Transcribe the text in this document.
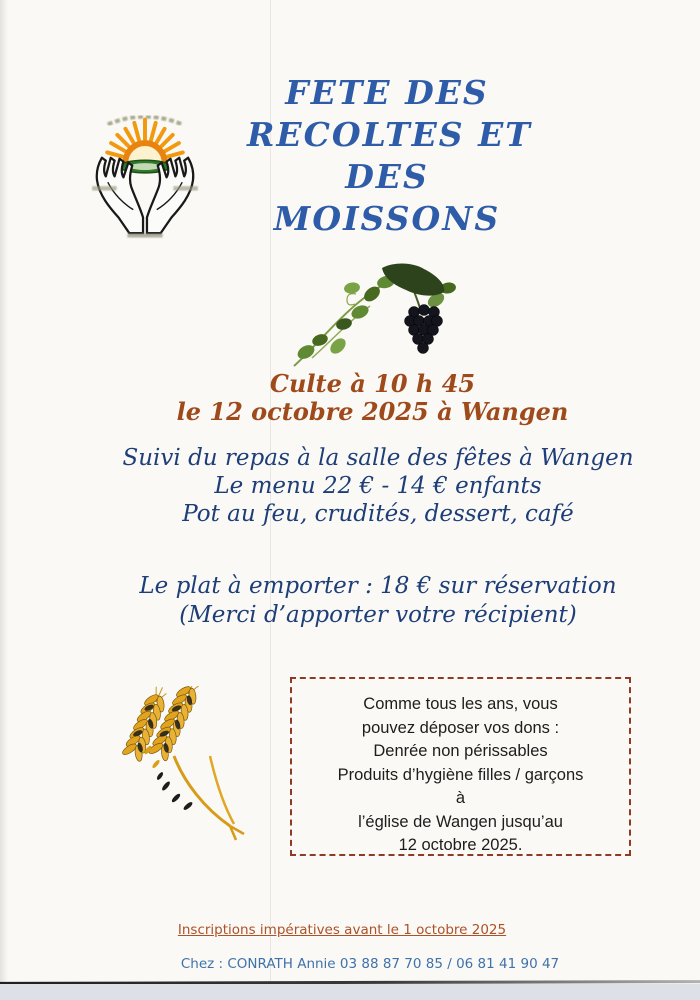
FETE DES
RECOLTES ET
DES
MOISSONS
Culte à 10 h 45
le 12 octobre 2025 à Wangen
Suivi du repas à la salle des fêtes à Wangen
Le menu 22 € - 14 € enfants
Pot au feu, crudités, dessert, café
Le plat à emporter : 18 € sur réservation
(Merci d’apporter votre récipient)
Comme tous les ans, vous
pouvez déposer vos dons :
Denrée non périssables
Produits d’hygiène filles / garçons
à
l’église de Wangen jusqu’au
12 octobre 2025.
Inscriptions impératives avant le 1 octobre 2025
Chez : CONRATH Annie 03 88 87 70 85 / 06 81 41 90 47
